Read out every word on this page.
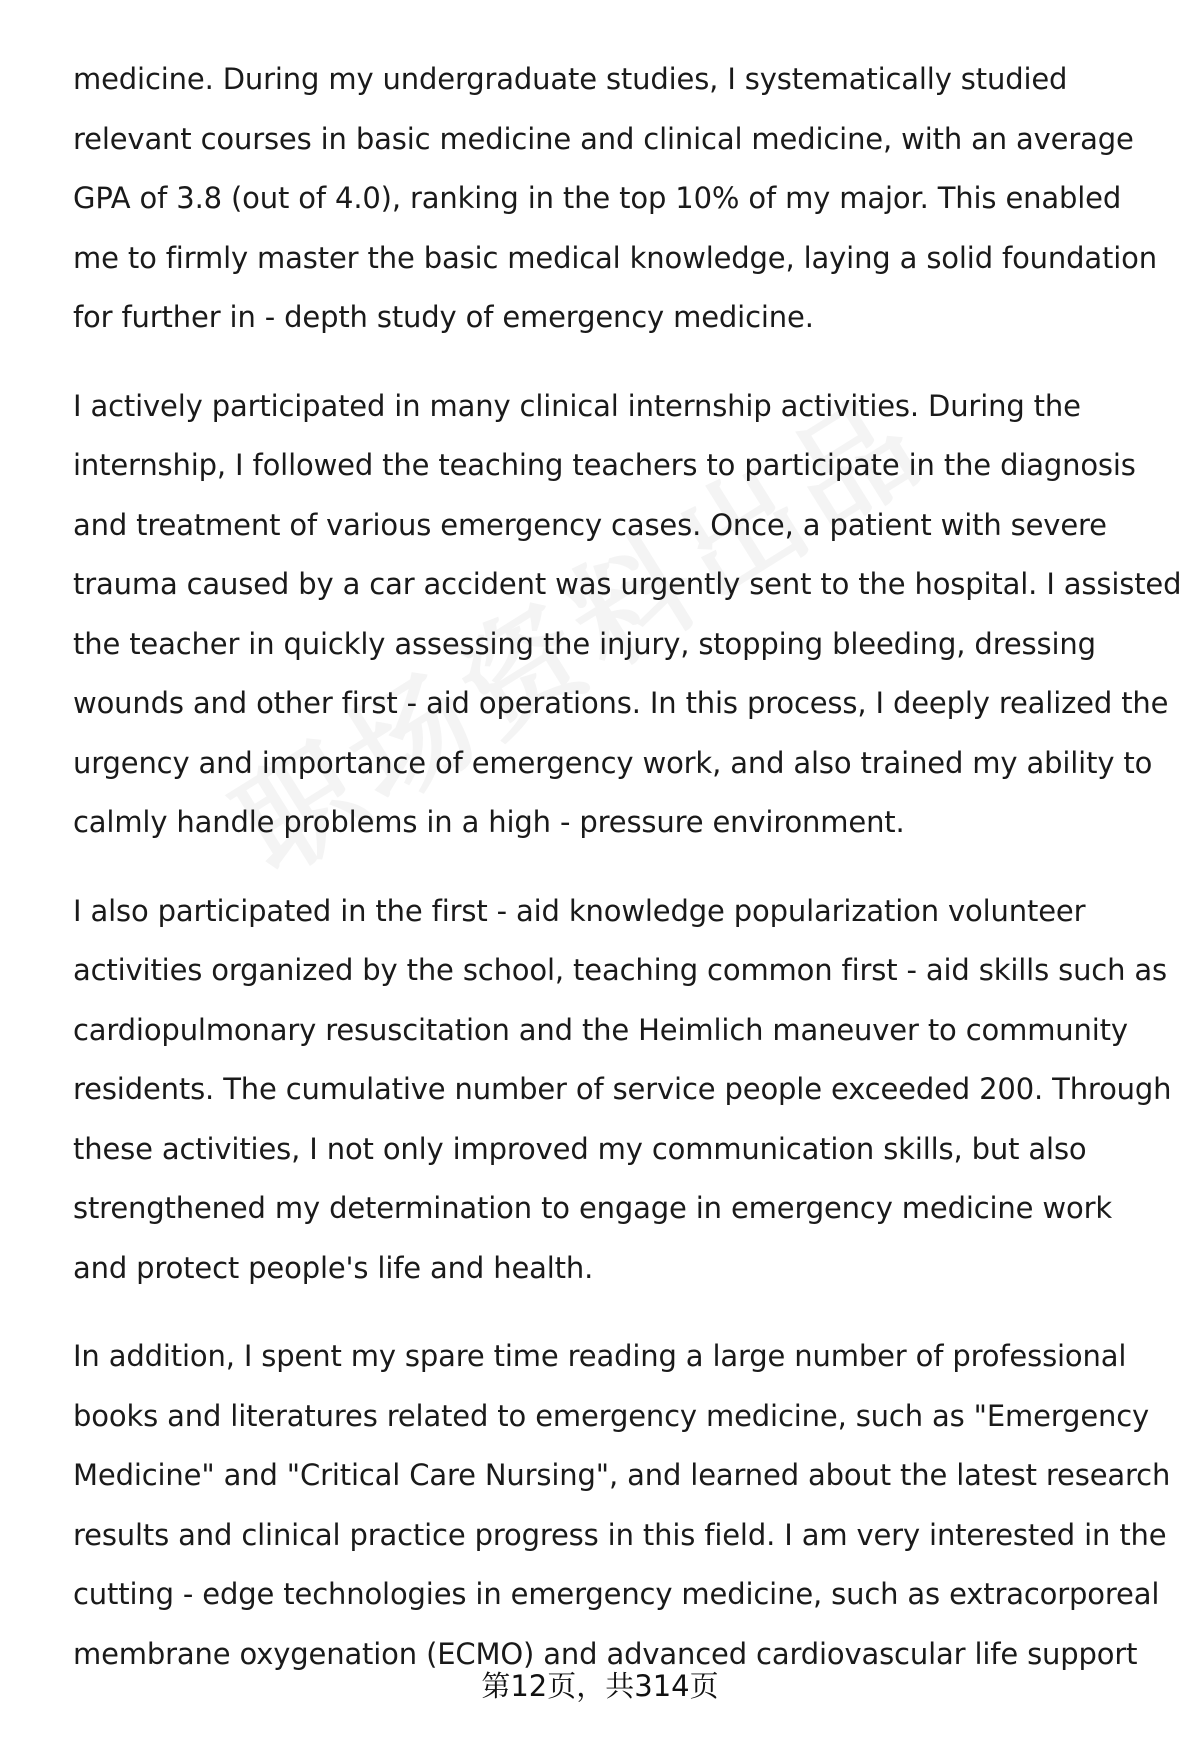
medicine. During my undergraduate studies, I systematically studied
relevant courses in basic medicine and clinical medicine, with an average
GPA of 3.8 (out of 4.0), ranking in the top 10% of my major. This enabled
me to firmly master the basic medical knowledge, laying a solid foundation
for further in - depth study of emergency medicine.

I actively participated in many clinical internship activities. During the
internship, I followed the teaching teachers to participate in the diagnosis
and treatment of various emergency cases. Once, a patient with severe
trauma caused by a car accident was urgently sent to the hospital. I assisted
the teacher in quickly assessing the injury, stopping bleeding, dressing
wounds and other first - aid operations. In this process, I deeply realized the
urgency and importance of emergency work, and also trained my ability to
calmly handle problems in a high - pressure environment.

I also participated in the first - aid knowledge popularization volunteer
activities organized by the school, teaching common first - aid skills such as
cardiopulmonary resuscitation and the Heimlich maneuver to community
residents. The cumulative number of service people exceeded 200. Through
these activities, I not only improved my communication skills, but also
strengthened my determination to engage in emergency medicine work
and protect people's life and health.

In addition, I spent my spare time reading a large number of professional
books and literatures related to emergency medicine, such as "Emergency
Medicine" and "Critical Care Nursing", and learned about the latest research
results and clinical practice progress in this field. I am very interested in the
cutting - edge technologies in emergency medicine, such as extracorporeal
membrane oxygenation (ECMO) and advanced cardiovascular life support

第12页，共314页
